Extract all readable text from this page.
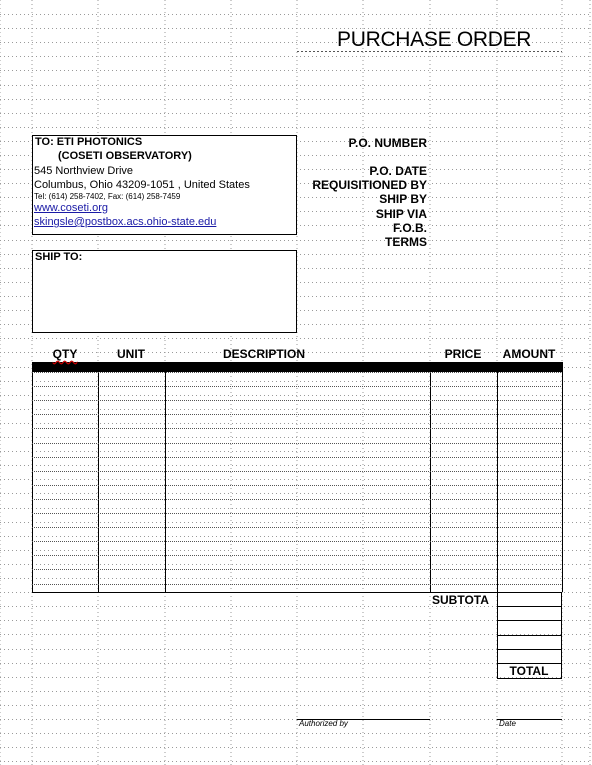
PURCHASE ORDER
TO: ETI PHOTONICS
(COSETI OBSERVATORY)
545 Northview Drive
Columbus, Ohio 43209-1051 , United States
Tel: (614) 258-7402, Fax: (614) 258-7459
www.coseti.org
skingsle@postbox.acs.ohio-state.edu
P.O. NUMBER
P.O. DATE
REQUISITIONED BY
SHIP BY
SHIP VIA
F.O.B.
TERMS
SHIP TO:
QTY	UNIT	DESCRIPTION	PRICE	AMOUNT
SUBTOTA
TOTAL
Authorized by	Date
